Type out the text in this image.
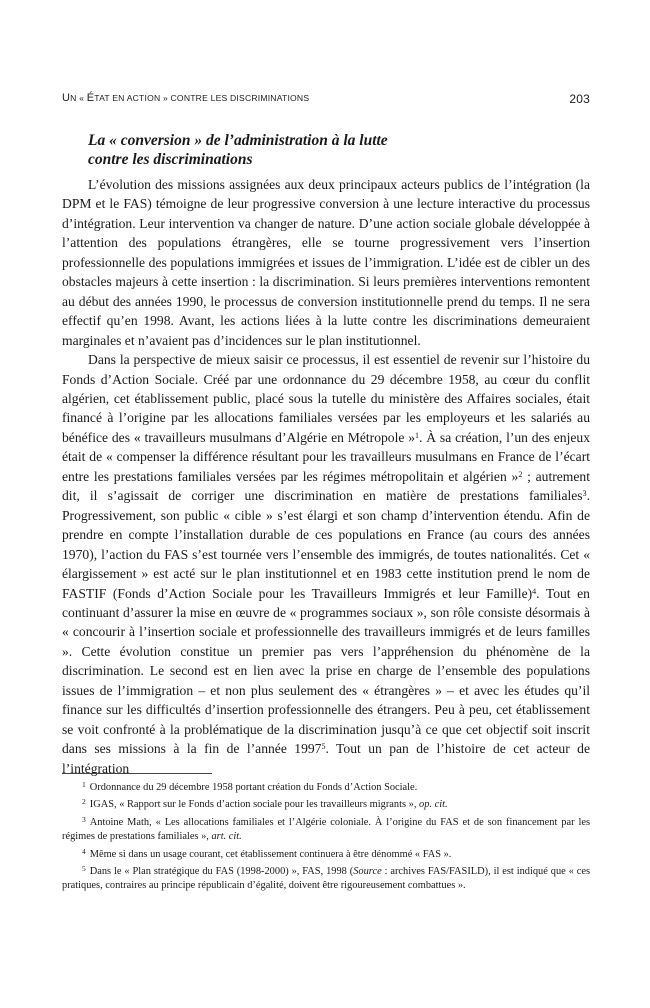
UN « ÉTAT EN ACTION » CONTRE LES DISCRIMINATIONS	203
La « conversion » de l’administration à la lutte
contre les discriminations

L’évolution des missions assignées aux deux principaux acteurs publics de l’intégration (la DPM et le FAS) témoigne de leur progressive conversion à une lecture interactive du processus d’intégration. Leur intervention va changer de nature. D’une action sociale globale développée à l’attention des populations étrangères, elle se tourne progressivement vers l’insertion professionnelle des populations immigrées et issues de l’immigration. L’idée est de cibler un des obstacles majeurs à cette insertion : la discrimination. Si leurs premières interventions remontent au début des années 1990, le processus de conversion institutionnelle prend du temps. Il ne sera effectif qu’en 1998. Avant, les actions liées à la lutte contre les discriminations demeuraient marginales et n’avaient pas d’incidences sur le plan institutionnel.

Dans la perspective de mieux saisir ce processus, il est essentiel de revenir sur l’histoire du Fonds d’Action Sociale. Créé par une ordonnance du 29 décembre 1958, au cœur du conflit algérien, cet établissement public, placé sous la tutelle du ministère des Affaires sociales, était financé à l’origine par les allocations familiales versées par les employeurs et les salariés au bénéfice des « travailleurs musulmans d’Algérie en Métropole »$^1$. À sa création, l’un des enjeux était de « compenser la différence résultant pour les travailleurs musulmans en France de l’écart entre les prestations familiales versées par les régimes métropolitain et algérien »$^2$ ; autrement dit, il s’agissait de corriger une discrimination en matière de prestations familiales$^3$. Progressivement, son public « cible » s’est élargi et son champ d’intervention étendu. Afin de prendre en compte l’installation durable de ces populations en France (au cours des années 1970), l’action du FAS s’est tournée vers l’ensemble des immigrés, de toutes nationalités. Cet « élargissement » est acté sur le plan institutionnel et en 1983 cette institution prend le nom de FASTIF (Fonds d’Action Sociale pour les Travailleurs Immigrés et leur Famille)$^4$. Tout en continuant d’assurer la mise en œuvre de « programmes sociaux », son rôle consiste désormais à « concourir à l’insertion sociale et professionnelle des travailleurs immigrés et de leurs familles ». Cette évolution constitue un premier pas vers l’appréhension du phénomène de la discrimination. Le second est en lien avec la prise en charge de l’ensemble des populations issues de l’immigration – et non plus seulement des « étrangères » – et avec les études qu’il finance sur les difficultés d’insertion professionnelle des étrangers. Peu à peu, cet établissement se voit confronté à la problématique de la discrimination jusqu’à ce que cet objectif soit inscrit dans ses missions à la fin de l’année 1997$^5$. Tout un pan de l’histoire de cet acteur de l’intégration

$^1$ Ordonnance du 29 décembre 1958 portant création du Fonds d’Action Sociale.

$^2$ IGAS, « Rapport sur le Fonds d’action sociale pour les travailleurs migrants », op. cit.

$^3$ Antoine Math, « Les allocations familiales et l’Algérie coloniale. À l’origine du FAS et de son financement par les régimes de prestations familiales », art. cit.

$^4$ Même si dans un usage courant, cet établissement continuera à être dénommé « FAS ».

$^5$ Dans le « Plan stratégique du FAS (1998-2000) », FAS, 1998 (Source : archives FAS/FASILD), il est indiqué que « ces pratiques, contraires au principe républicain d’égalité, doivent être rigoureusement combattues ».
